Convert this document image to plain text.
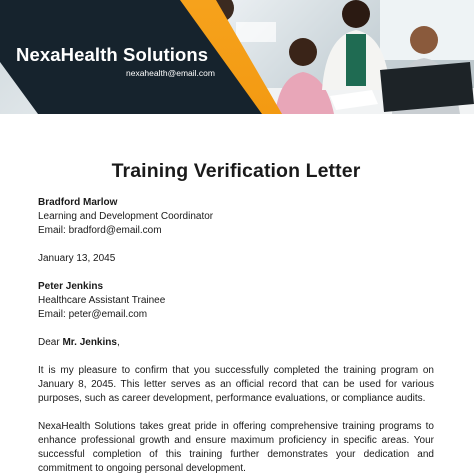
NexaHealth Solutions
nexahealth@email.com
Training Verification Letter
Bradford Marlow
Learning and Development Coordinator
Email: bradford@email.com
January 13, 2045
Peter Jenkins
Healthcare Assistant Trainee
Email: peter@email.com
Dear Mr. Jenkins,

It is my pleasure to confirm that you successfully completed the training program on January 8, 2045. This letter serves as an official record that can be used for various purposes, such as career development, performance evaluations, or compliance audits.

NexaHealth Solutions takes great pride in offering comprehensive training programs to enhance professional growth and ensure maximum proficiency in specific areas. Your successful completion of this training further demonstrates your dedication and commitment to ongoing personal development.
